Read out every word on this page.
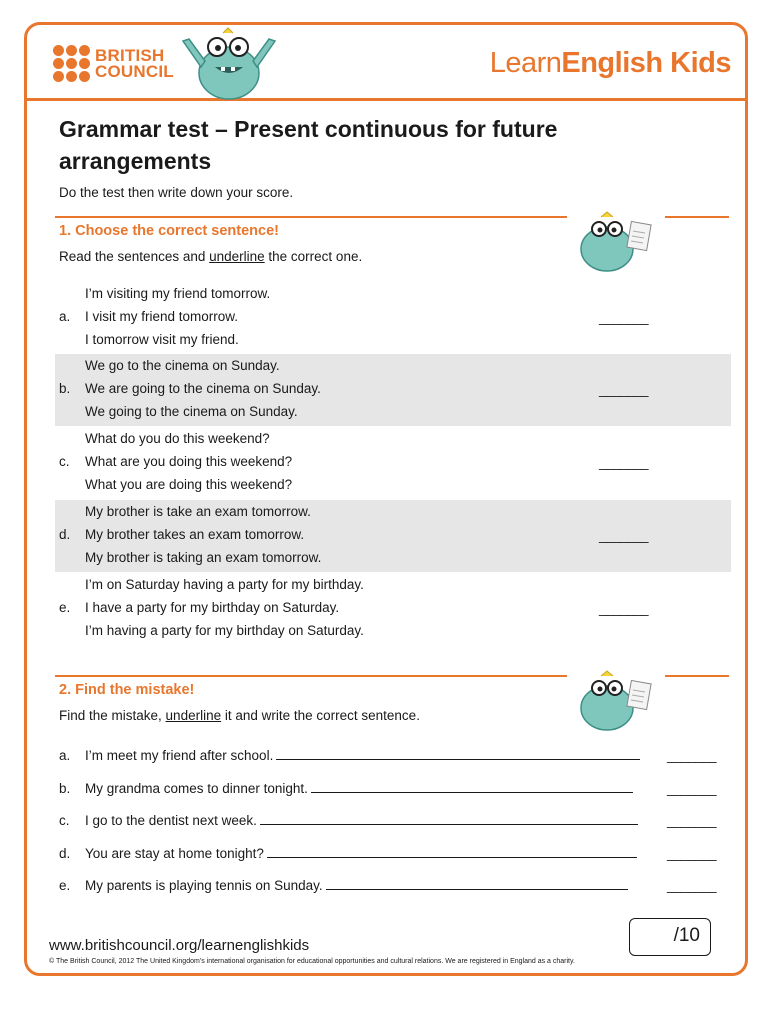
BRITISH
COUNCIL	LearnEnglish Kids
Grammar test – Present continuous for future arrangements
Do the test then write down your score.
1. Choose the correct sentence!
Read the sentences and underline the correct one.
a.
I’m visiting my friend tomorrow.
I visit my friend tomorrow.
I tomorrow visit my friend.
_______
b.
We go to the cinema on Sunday.
We are going to the cinema on Sunday.
We going to the cinema on Sunday.
_______
c.
What do you do this weekend?
What are you doing this weekend?
What you are doing this weekend?
_______
d.
My brother is take an exam tomorrow.
My brother takes an exam tomorrow.
My brother is taking an exam tomorrow.
_______
e.
I’m on Saturday having a party for my birthday.
I have a party for my birthday on Saturday.
I’m having a party for my birthday on Saturday.
_______
2. Find the mistake!
Find the mistake, underline it and write the correct sentence.
a. I’m meet my friend after school.	_______
b. My grandma comes to dinner tonight.	_______
c. I go to the dentist next week.	_______
d. You are stay at home tonight?	_______
e. My parents is playing tennis on Sunday.	_______
/10
www.britishcouncil.org/learnenglishkids
© The British Council, 2012 The United Kingdom’s international organisation for educational opportunities and cultural relations. We are registered in England as a charity.
